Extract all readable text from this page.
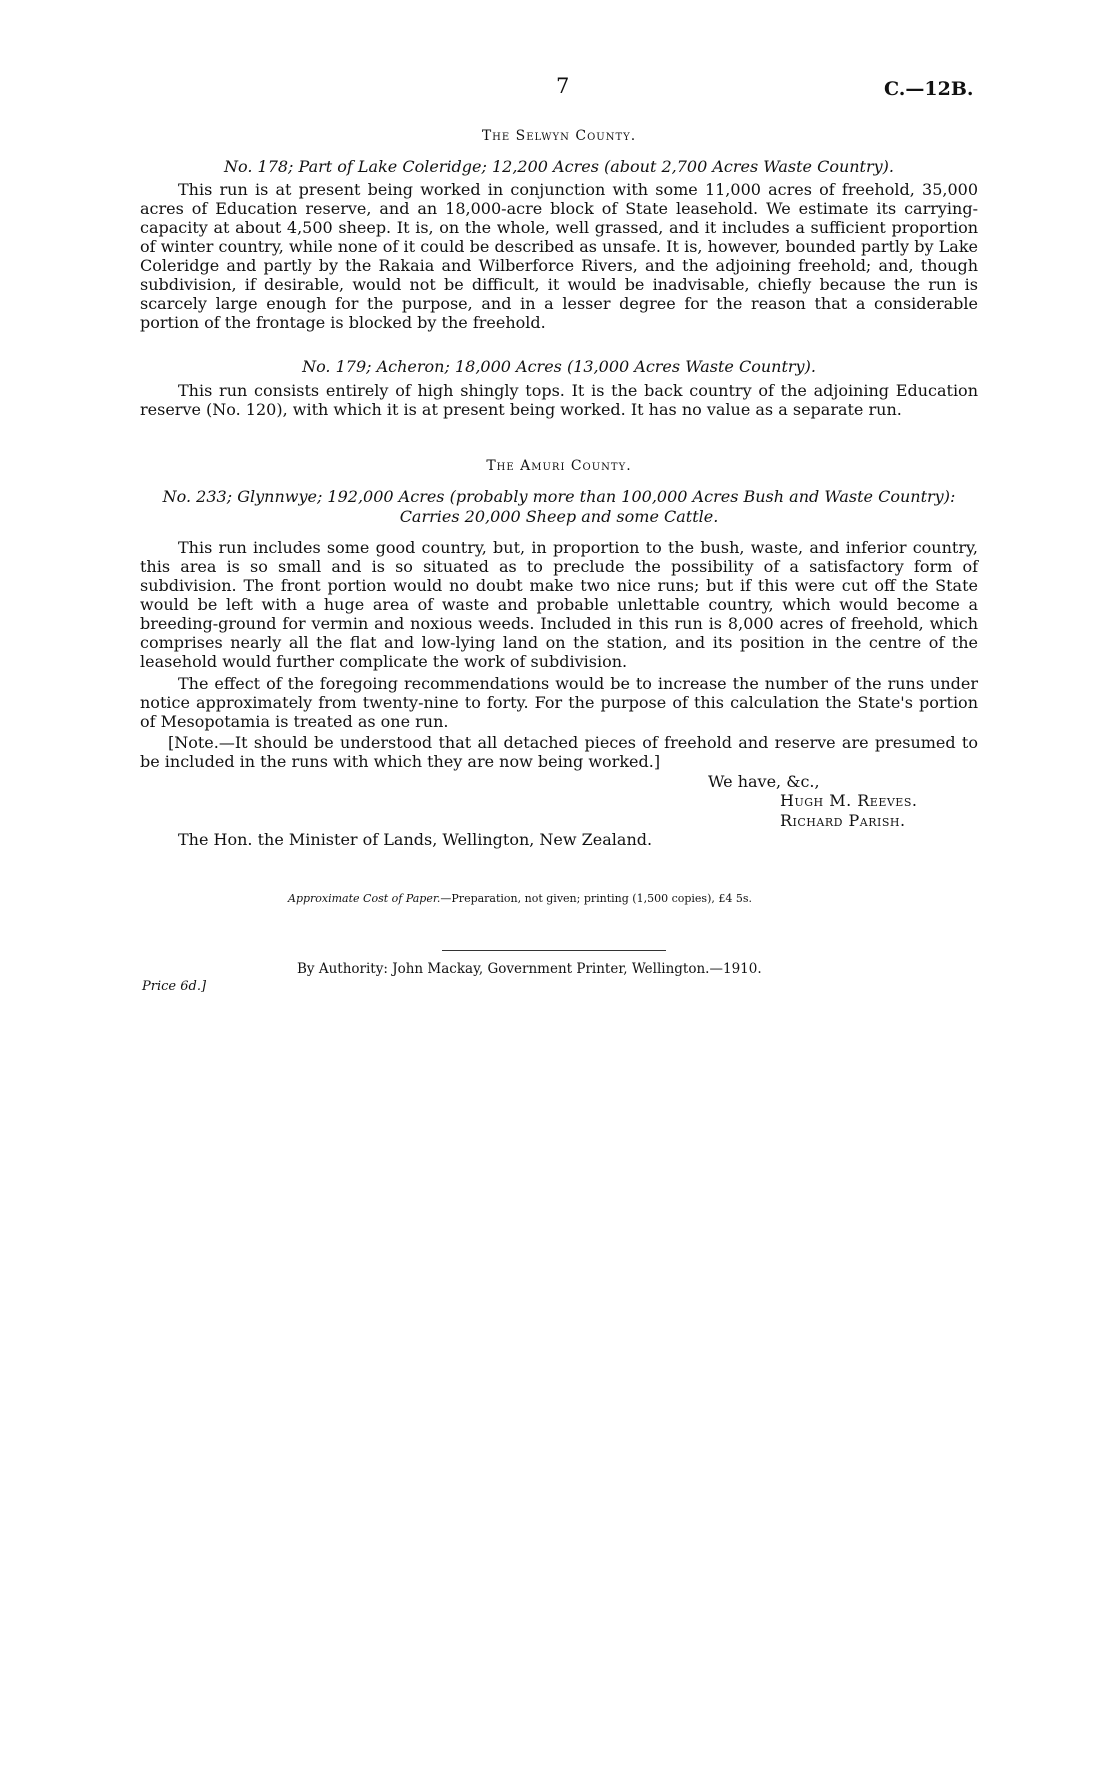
7	C.—12B.
The Selwyn County.
No. 178; Part of Lake Coleridge; 12,200 Acres (about 2,700 Acres Waste Country).

This run is at present being worked in conjunction with some 11,000 acres of freehold, 35,000 acres of Education reserve, and an 18,000-acre block of State leasehold. We estimate its carrying-capacity at about 4,500 sheep. It is, on the whole, well grassed, and it includes a sufficient proportion of winter country, while none of it could be described as unsafe. It is, however, bounded partly by Lake Coleridge and partly by the Rakaia and Wilberforce Rivers, and the adjoining freehold; and, though subdivision, if desirable, would not be difficult, it would be inadvisable, chiefly because the run is scarcely large enough for the purpose, and in a lesser degree for the reason that a considerable portion of the frontage is blocked by the freehold.

No. 179; Acheron; 18,000 Acres (13,000 Acres Waste Country).

This run consists entirely of high shingly tops. It is the back country of the adjoining Education reserve (No. 120), with which it is at present being worked. It has no value as a separate run.

The Amuri County.
No. 233; Glynnwye; 192,000 Acres (probably more than 100,000 Acres Bush and Waste Country):
Carries 20,000 Sheep and some Cattle.

This run includes some good country, but, in proportion to the bush, waste, and inferior country, this area is so small and is so situated as to preclude the possibility of a satisfactory form of subdivision. The front portion would no doubt make two nice runs; but if this were cut off the State would be left with a huge area of waste and probable unlettable country, which would become a breeding-ground for vermin and noxious weeds. Included in this run is 8,000 acres of freehold, which comprises nearly all the flat and low-lying land on the station, and its position in the centre of the leasehold would further complicate the work of subdivision.

The effect of the foregoing recommendations would be to increase the number of the runs under notice approximately from twenty-nine to forty. For the purpose of this calculation the State's portion of Mesopotamia is treated as one run.

[Note.—It should be understood that all detached pieces of freehold and reserve are presumed to be included in the runs with which they are now being worked.]

We have, &c.,
Hugh M. Reeves.
Richard Parish.
The Hon. the Minister of Lands, Wellington, New Zealand.
Approximate Cost of Paper.—Preparation, not given; printing (1,500 copies), £4 5s.
By Authority: John Mackay, Government Printer, Wellington.—1910.
Price 6d.]
